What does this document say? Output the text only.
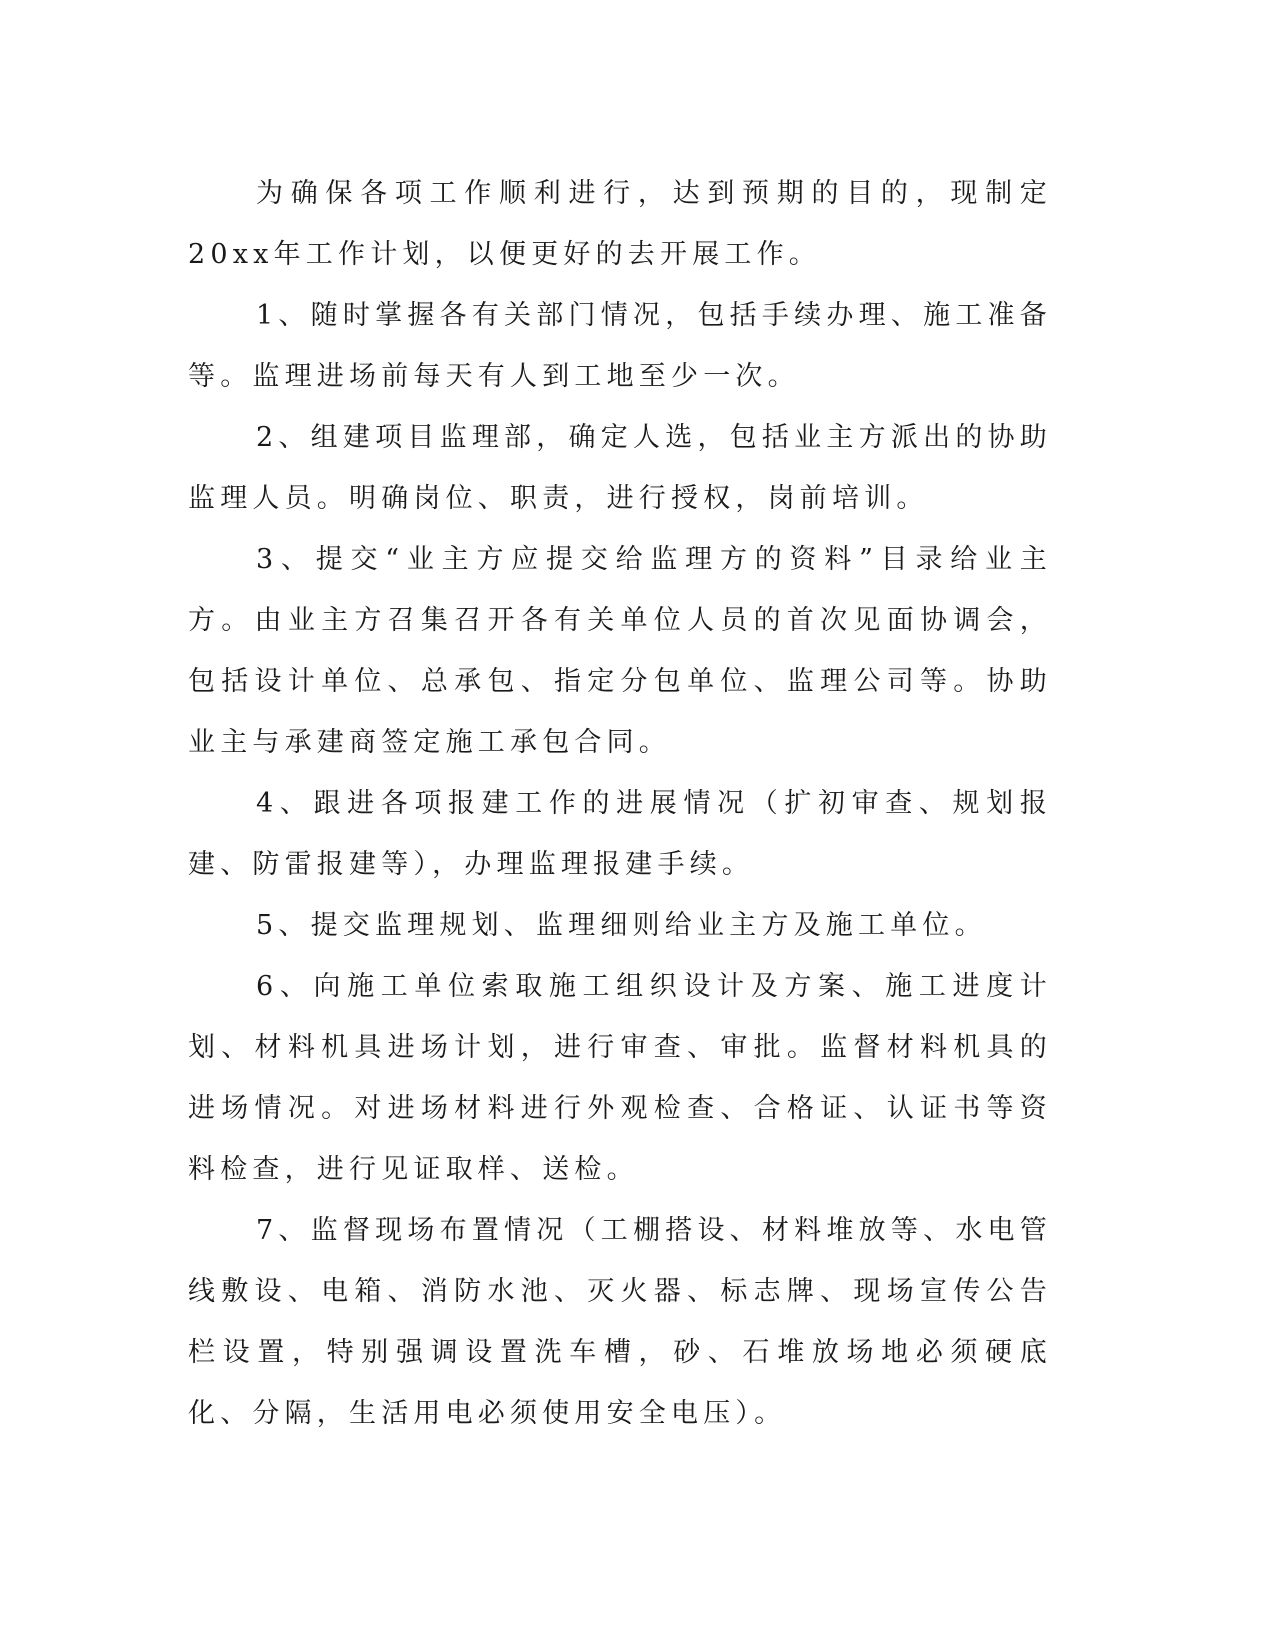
为确保各项工作顺利进行，达到预期的目的，现制定20xx年工作计划，以便更好的去开展工作。

1、随时掌握各有关部门情况，包括手续办理、施工准备等。监理进场前每天有人到工地至少一次。

2、组建项目监理部，确定人选，包括业主方派出的协助监理人员。明确岗位、职责，进行授权，岗前培训。

3、提交“业主方应提交给监理方的资料”目录给业主方。由业主方召集召开各有关单位人员的首次见面协调会，包括设计单位、总承包、指定分包单位、监理公司等。协助业主与承建商签定施工承包合同。

4、跟进各项报建工作的进展情况（扩初审查、规划报建、防雷报建等），办理监理报建手续。

5、提交监理规划、监理细则给业主方及施工单位。

6、向施工单位索取施工组织设计及方案、施工进度计划、材料机具进场计划，进行审查、审批。监督材料机具的进场情况。对进场材料进行外观检查、合格证、认证书等资料检查，进行见证取样、送检。

7、监督现场布置情况（工棚搭设、材料堆放等、水电管线敷设、电箱、消防水池、灭火器、标志牌、现场宣传公告栏设置，特别强调设置洗车槽，砂、石堆放场地必须硬底化、分隔，生活用电必须使用安全电压）。
